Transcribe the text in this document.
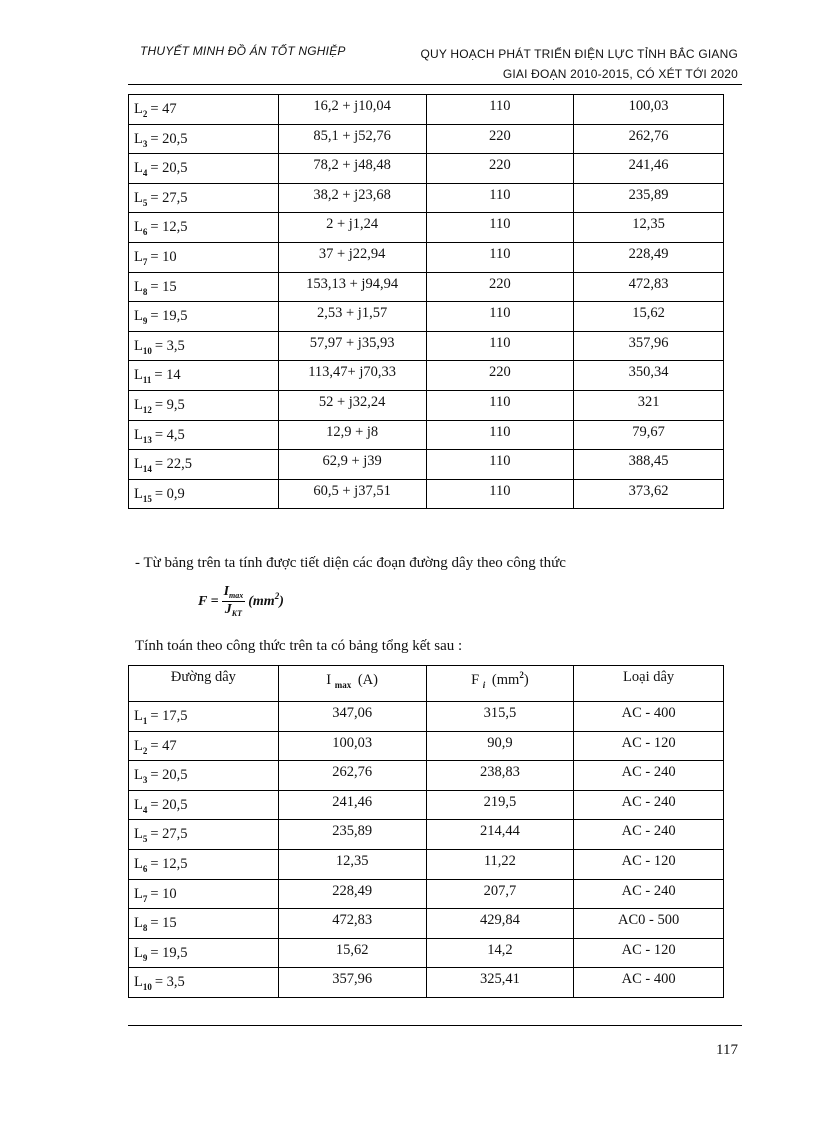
THUYẾT MINH ĐỒ ÁN TỐT NGHIỆP	QUY HOẠCH PHÁT TRIỂN ĐIỆN LỰC TỈNH BẮC GIANG
GIAI ĐOẠN 2010-2015, CÓ XÉT TỚI 2020
L2 = 47	16,2 + j10,04	110	100,03
L3 = 20,5	85,1 + j52,76	220	262,76
L4 = 20,5	78,2 + j48,48	220	241,46
L5 = 27,5	38,2 + j23,68	110	235,89
L6 = 12,5	2 + j1,24	110	12,35
L7 = 10	37 + j22,94	110	228,49
L8 = 15	153,13 + j94,94	220	472,83
L9 = 19,5	2,53 + j1,57	110	15,62
L10 = 3,5	57,97 + j35,93	110	357,96
L11 = 14	113,47+ j70,33	220	350,34
L12 = 9,5	52 + j32,24	110	321
L13 = 4,5	12,9 + j8	110	79,67
L14 = 22,5	62,9 + j39	110	388,45
L15 = 0,9	60,5 + j37,51	110	373,62
- Từ bảng trên ta tính được tiết diện các đoạn đường dây theo công thức
$F = \frac{I_{max}}{J_{KT}} (mm^2)$
Tính toán theo công thức trên ta có bảng tổng kết sau :
Đường dây	I max (A)	F i (mm2)	Loại dây
L1 = 17,5	347,06	315,5	AC - 400
L2 = 47	100,03	90,9	AC - 120
L3 = 20,5	262,76	238,83	AC - 240
L4 = 20,5	241,46	219,5	AC - 240
L5 = 27,5	235,89	214,44	AC - 240
L6 = 12,5	12,35	11,22	AC - 120
L7 = 10	228,49	207,7	AC - 240
L8 = 15	472,83	429,84	AC0 - 500
L9 = 19,5	15,62	14,2	AC - 120
L10 = 3,5	357,96	325,41	AC - 400
117
